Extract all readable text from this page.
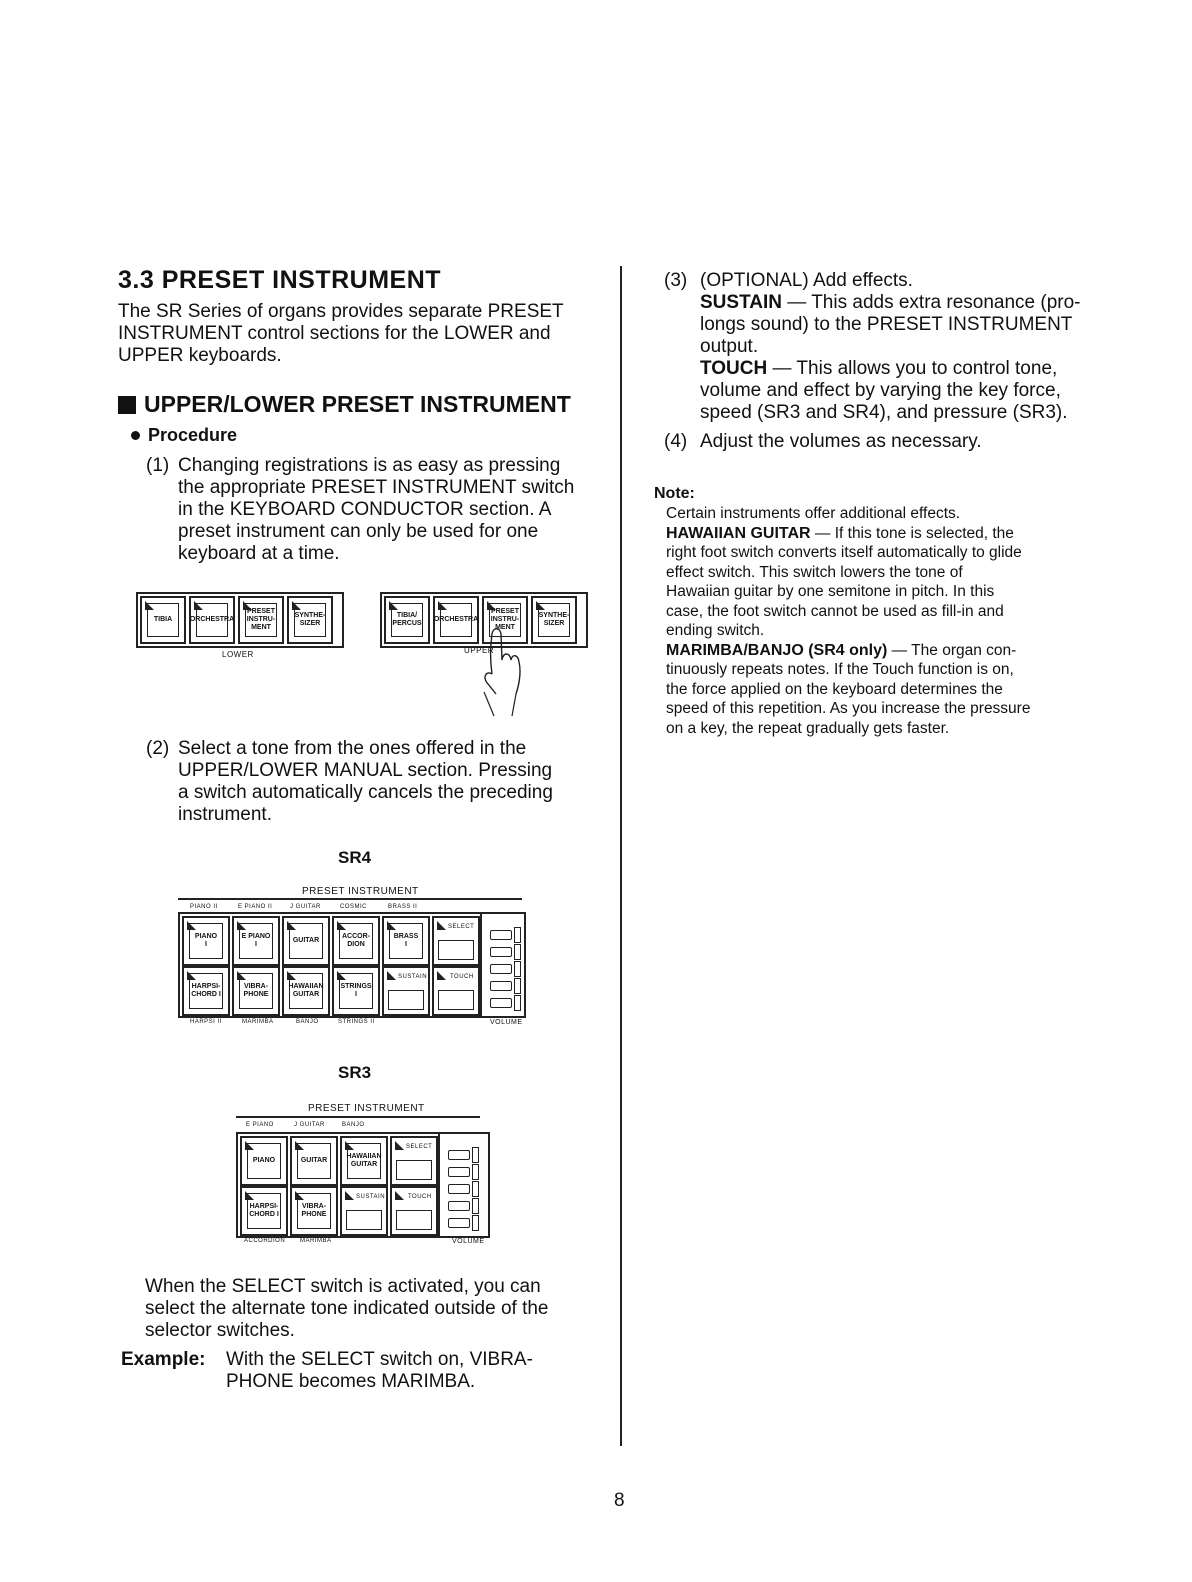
3.3 PRESET INSTRUMENT
The SR Series of organs provides separate PRESET
INSTRUMENT control sections for the LOWER and
UPPER keyboards.
UPPER/LOWER PRESET INSTRUMENT
Procedure
(1) Changing registrations is as easy as pressing
the appropriate PRESET INSTRUMENT switch
in the KEYBOARD CONDUCTOR section. A
preset instrument can only be used for one
keyboard at a time.
TIBIA	ORCHESTRA
PRESET
INSTRU-
MENT
SYNTHE-
SIZER
LOWER
TIBIA/
PERCUS
ORCHESTRA
PRESET
INSTRU-
MENT
SYNTHE-
SIZER
UPPER
(2) Select a tone from the ones offered in the
UPPER/LOWER MANUAL section. Pressing
a switch automatically cancels the preceding
instrument.
SR4
PRESET INSTRUMENT
PIANO II	E PIANO II	J GUITAR	COSMIC	BRASS II
PIANO
I
E PIANO
I
GUITAR
ACCOR-
DION
BRASS
I
SELECT
HARPSI-
CHORD I
VIBRA-
PHONE
HAWAIIAN
GUITAR
STRINGS
I
SUSTAIN	TOUCH
HARPSI II	MARIMBA	BANJO	STRINGS II	VOLUME
SR3
PRESET INSTRUMENT
E PIANO	J GUITAR	BANJO
PIANO	GUITAR
HAWAIIAN
GUITAR
SELECT
HARPSI-
CHORD I
VIBRA-
PHONE
SUSTAIN	TOUCH
ACCORDION MARIMBA	VOLUME
When the SELECT switch is activated, you can
select the alternate tone indicated outside of the
selector switches.
Example: With the SELECT switch on, VIBRA-
PHONE becomes MARIMBA.
(3) (OPTIONAL) Add effects.
SUSTAIN — This adds extra resonance (pro-
longs sound) to the PRESET INSTRUMENT
output.
TOUCH — This allows you to control tone,
volume and effect by varying the key force,
speed (SR3 and SR4), and pressure (SR3).
(4) Adjust the volumes as necessary.
Note:
Certain instruments offer additional effects.
HAWAIIAN GUITAR — If this tone is selected, the
right foot switch converts itself automatically to glide
effect switch. This switch lowers the tone of
Hawaiian guitar by one semitone in pitch. In this
case, the foot switch cannot be used as fill-in and
ending switch.
MARIMBA/BANJO (SR4 only) — The organ con-
tinuously repeats notes. If the Touch function is on,
the force applied on the keyboard determines the
speed of this repetition. As you increase the pressure
on a key, the repeat gradually gets faster.
8
